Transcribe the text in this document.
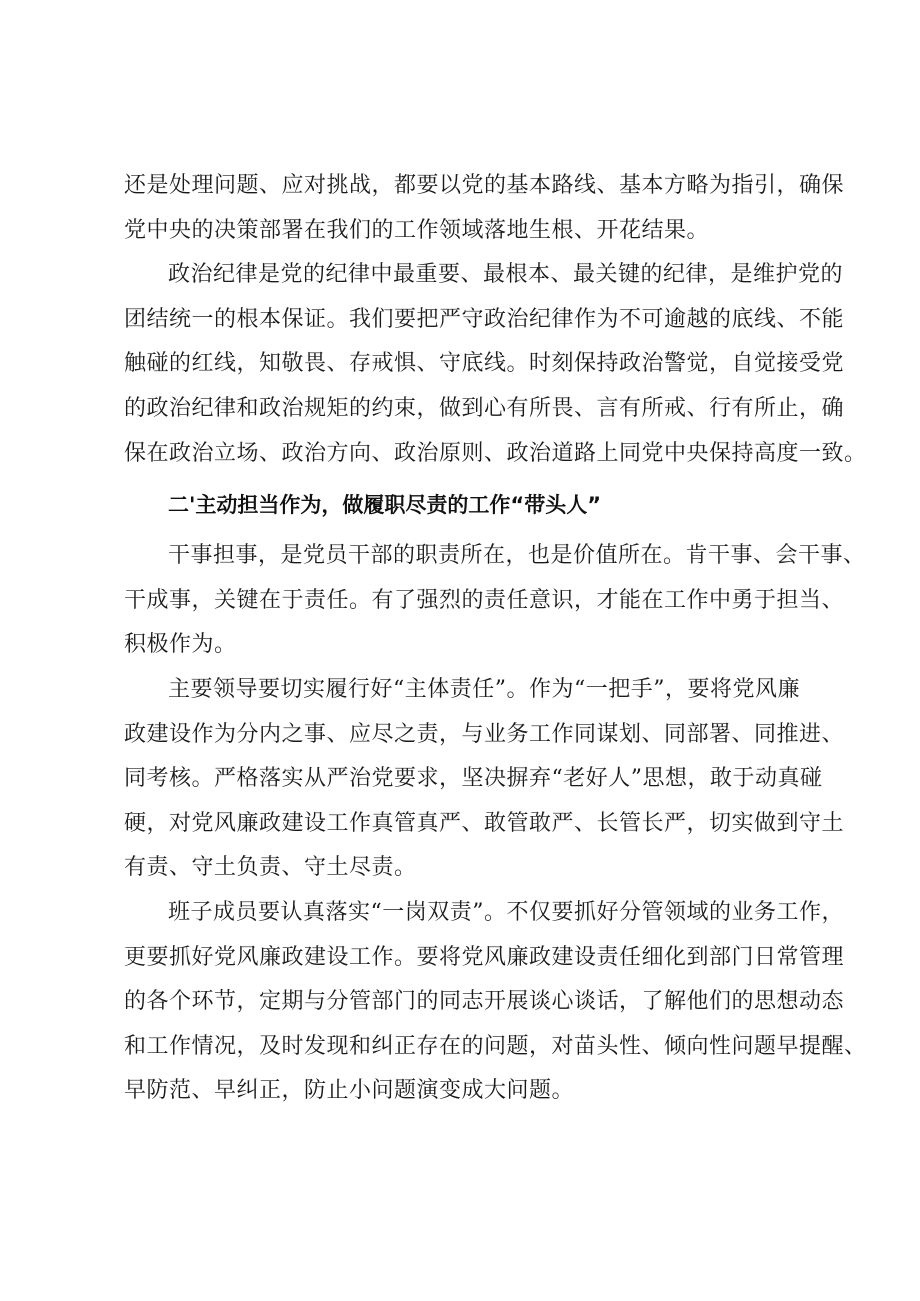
还是处理问题、应对挑战，都要以党的基本路线、基本方略为指引，确保
党中央的决策部署在我们的工作领域落地生根、开花结果。
政治纪律是党的纪律中最重要、最根本、最关键的纪律，是维护党的
团结统一的根本保证。我们要把严守政治纪律作为不可逾越的底线、不能
触碰的红线，知敬畏、存戒惧、守底线。时刻保持政治警觉，自觉接受党
的政治纪律和政治规矩的约束，做到心有所畏、言有所戒、行有所止，确
保在政治立场、政治方向、政治原则、政治道路上同党中央保持高度一致。
二'主动担当作为，做履职尽责的工作“带头人”
干事担事，是党员干部的职责所在，也是价值所在。肯干事、会干事、
干成事，关键在于责任。有了强烈的责任意识，才能在工作中勇于担当、
积极作为。
主要领导要切实履行好“主体责任”。作为“一把手”，要将党风廉
政建设作为分内之事、应尽之责，与业务工作同谋划、同部署、同推进、
同考核。严格落实从严治党要求，坚决摒弃“老好人”思想，敢于动真碰
硬，对党风廉政建设工作真管真严、敢管敢严、长管长严，切实做到守土
有责、守土负责、守土尽责。
班子成员要认真落实“一岗双责”。不仅要抓好分管领域的业务工作，
更要抓好党风廉政建设工作。要将党风廉政建设责任细化到部门日常管理
的各个环节，定期与分管部门的同志开展谈心谈话，了解他们的思想动态
和工作情况，及时发现和纠正存在的问题，对苗头性、倾向性问题早提醒、
早防范、早纠正，防止小问题演变成大问题。
